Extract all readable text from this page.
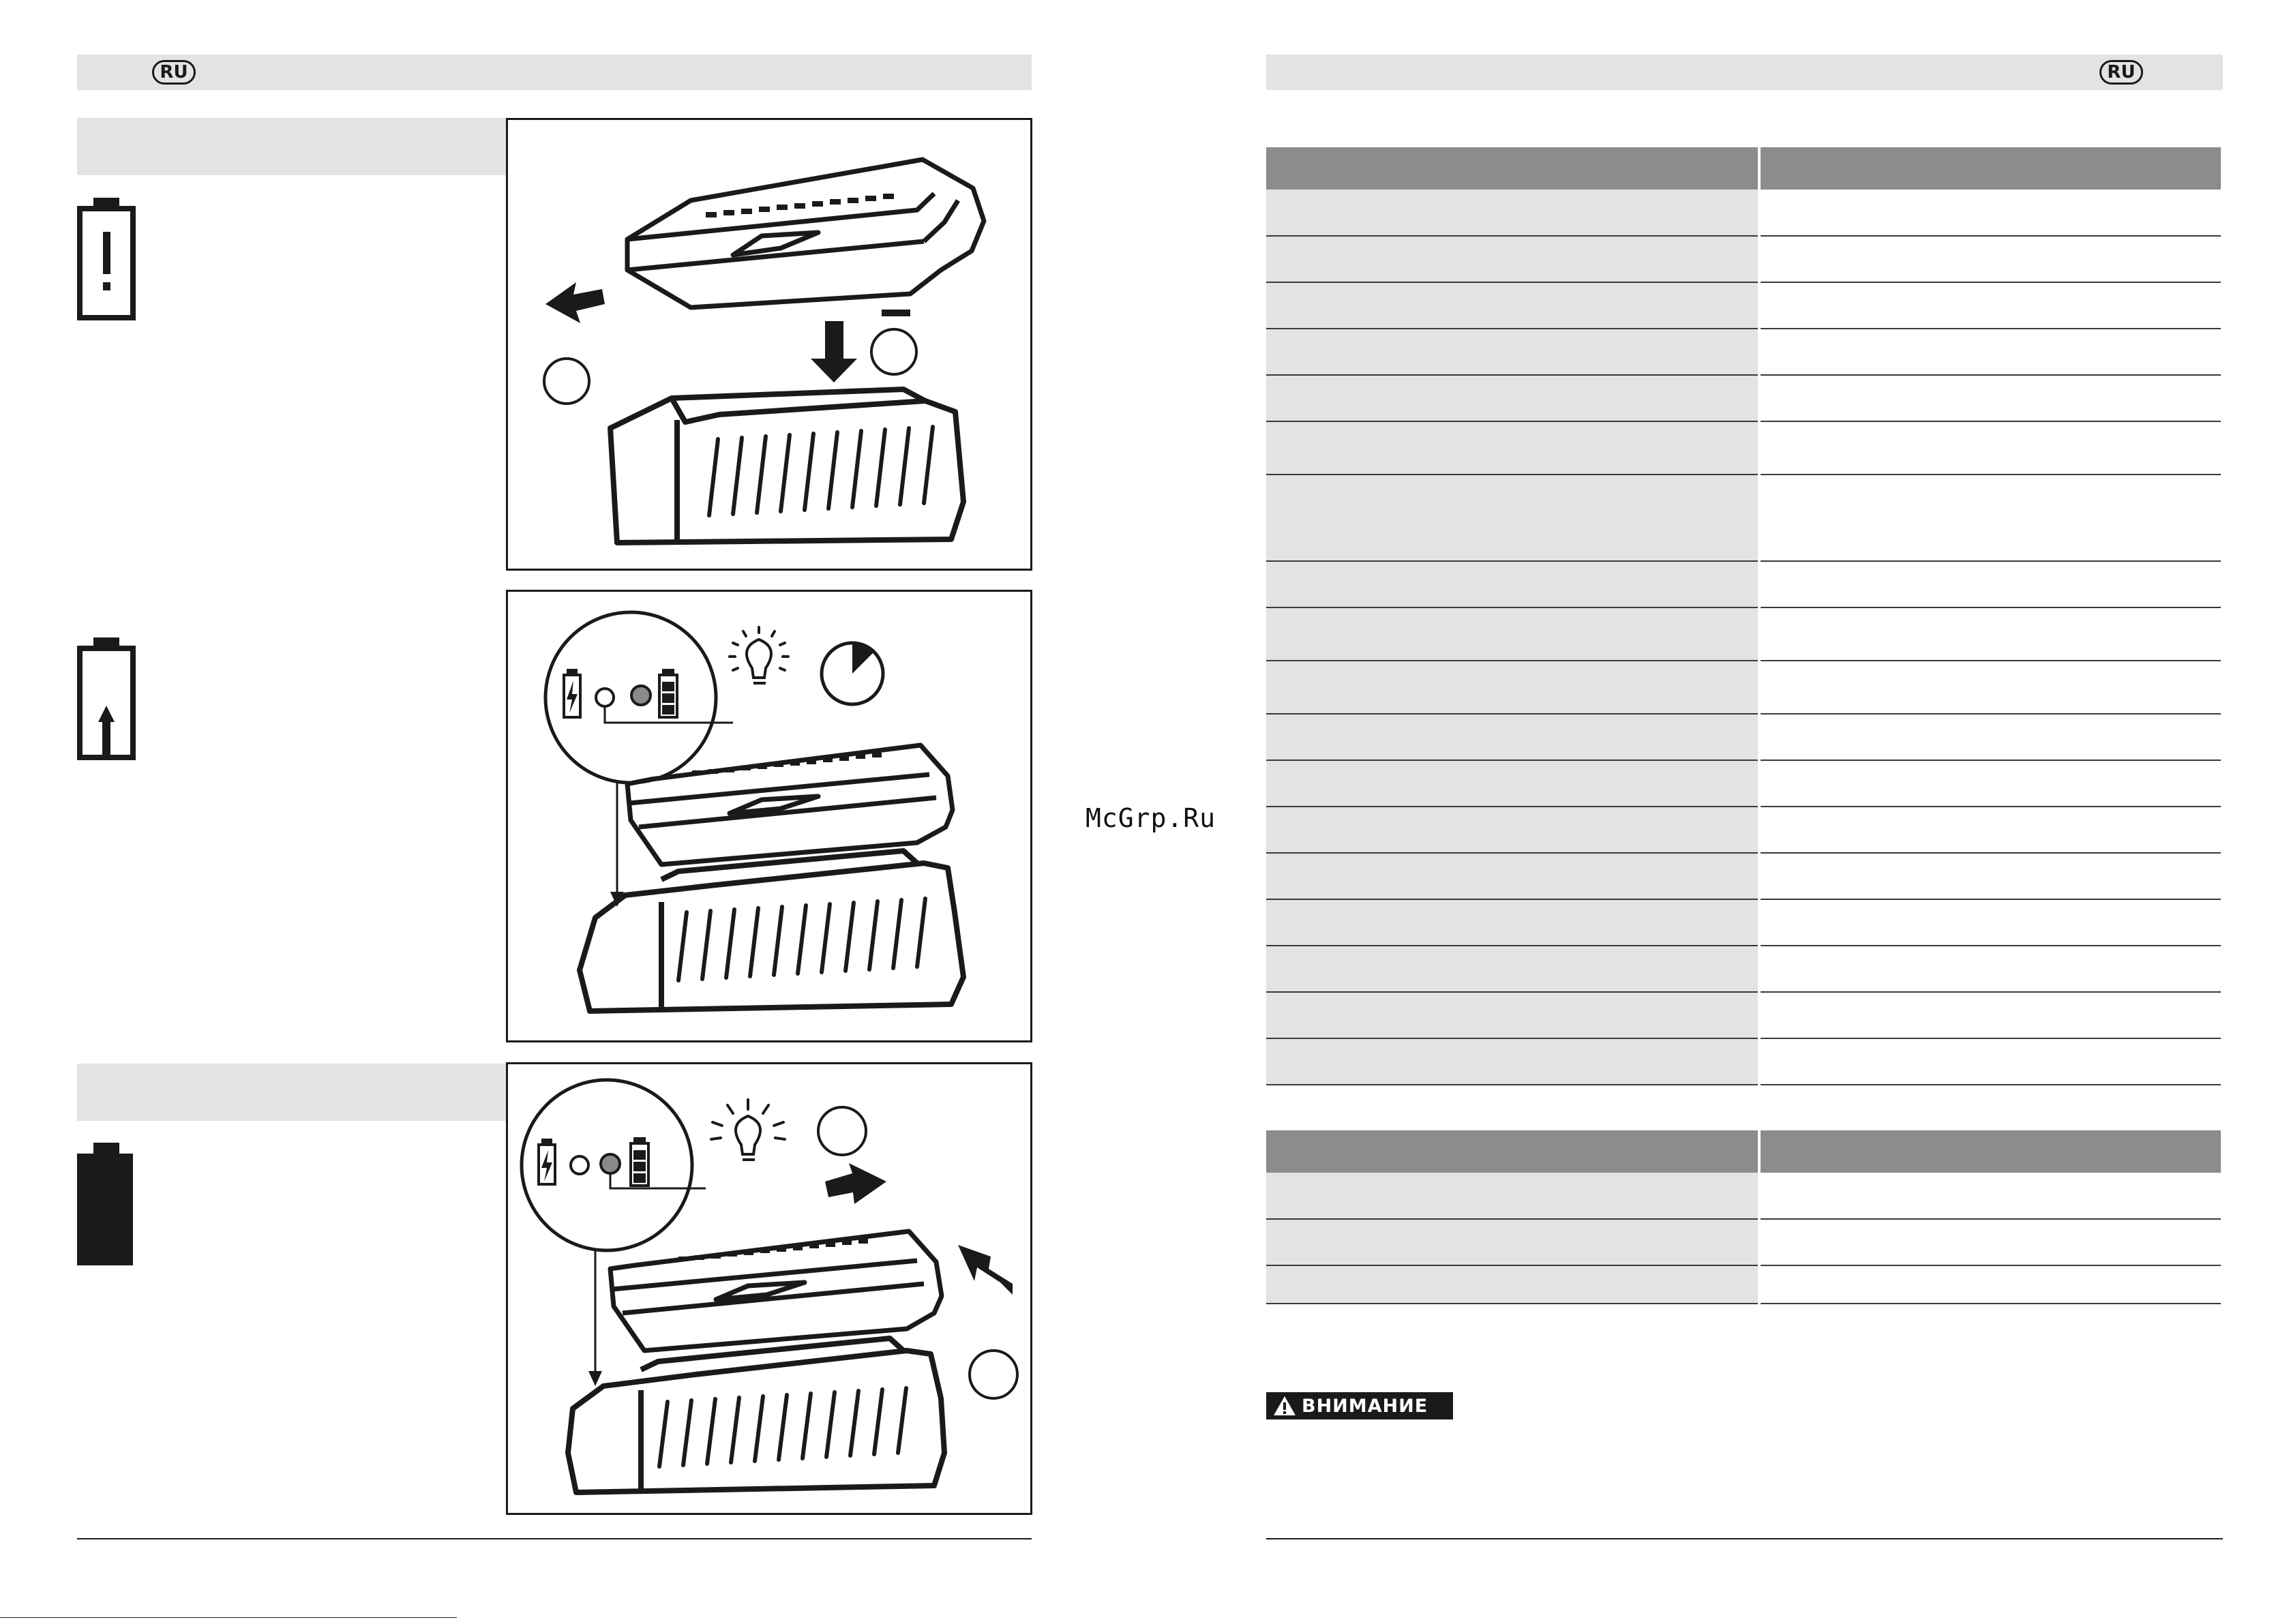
RU
McGrp.Ru
RU

ВНИМАНИЕ
